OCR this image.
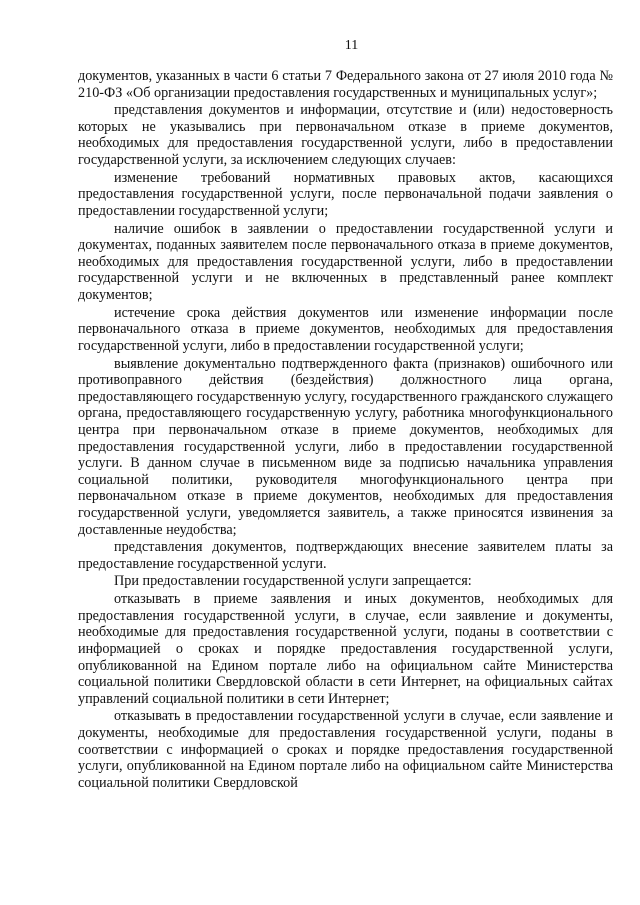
11

документов, указанных в части 6 статьи 7 Федерального закона от 27 июля 2010 года № 210-ФЗ «Об организации предоставления государственных и муниципальных услуг»;

представления документов и информации, отсутствие и (или) недостоверность которых не указывались при первоначальном отказе в приеме документов, необходимых для предоставления государственной услуги, либо в предоставлении государственной услуги, за исключением следующих случаев:

изменение требований нормативных правовых актов, касающихся предоставления государственной услуги, после первоначальной подачи заявления о предоставлении государственной услуги;

наличие ошибок в заявлении о предоставлении государственной услуги и документах, поданных заявителем после первоначального отказа в приеме документов, необходимых для предоставления государственной услуги, либо в предоставлении государственной услуги и не включенных в представленный ранее комплект документов;

истечение срока действия документов или изменение информации после первоначального отказа в приеме документов, необходимых для предоставления государственной услуги, либо в предоставлении государственной услуги;

выявление документально подтвержденного факта (признаков) ошибочного или противоправного действия (бездействия) должностного лица органа, предоставляющего государственную услугу, государственного гражданского служащего органа, предоставляющего государственную услугу, работника многофункционального центра при первоначальном отказе в приеме документов, необходимых для предоставления государственной услуги, либо в предоставлении государственной услуги. В данном случае в письменном виде за подписью начальника управления социальной политики, руководителя многофункционального центра при первоначальном отказе в приеме документов, необходимых для предоставления государственной услуги, уведомляется заявитель, а также приносятся извинения за доставленные неудобства;

представления документов, подтверждающих внесение заявителем платы за предоставление государственной услуги.

При предоставлении государственной услуги запрещается:

отказывать в приеме заявления и иных документов, необходимых для предоставления государственной услуги, в случае, если заявление и документы, необходимые для предоставления государственной услуги, поданы в соответствии с информацией о сроках и порядке предоставления государственной услуги, опубликованной на Едином портале либо на официальном сайте Министерства социальной политики Свердловской области в сети Интернет, на официальных сайтах управлений социальной политики в сети Интернет;

отказывать в предоставлении государственной услуги в случае, если заявление и документы, необходимые для предоставления государственной услуги, поданы в соответствии с информацией о сроках и порядке предоставления государственной услуги, опубликованной на Едином портале либо на официальном сайте Министерства социальной политики Свердловской
